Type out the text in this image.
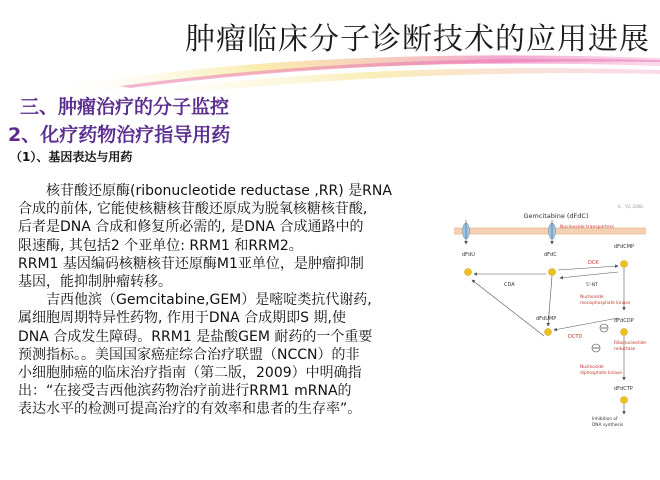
肿瘤临床分子诊断技术的应用进展
三、肿瘤治疗的分子监控
2、化疗药物治疗指导用药
（1）、基因表达与用药

核苷酸还原酶(ribonucleotide reductase ,RR) 是RNA

合成的前体, 它能使核糖核苷酸还原成为脱氧核糖核苷酸,

后者是DNA 合成和修复所必需的, 是DNA 合成通路中的

限速酶, 其包括2 个亚单位: RRM1 和RRM2。

RRM1 基因编码核糖核苷还原酶M1亚单位，是肿瘤抑制

基因，能抑制肿瘤转移。

吉西他滨（Gemcitabine,GEM）是嘧啶类抗代谢药,

属细胞周期特异性药物, 作用于DNA 合成期即S 期,使

DNA 合成发生障碍。RRM1 是盐酸GEM 耐药的一个重要

预测指标。。美国国家癌症综合治疗联盟（NCCN）的非

小细胞肺癌的临床治疗指南（第二版，2009）中明确指

出：“在接受吉西他滨药物治疗前进行RRM1 mRNA的

表达水平的检测可提高治疗的有效率和患者的生存率”。

V... Y2, 2008.
Gemcitabine (dFdC)
Nucleoside transporters
dFdU	dFdC
dFdCMP
DCK
5'-NT
CDA
Nucleoside
monophosphate kinase
dFdUMP
DCTD
dFdCDP
Ribonucleotide
reductase
Nucleoside
diphosphate kinase
dFdCTP
Inhibition of
DNA synthesis
